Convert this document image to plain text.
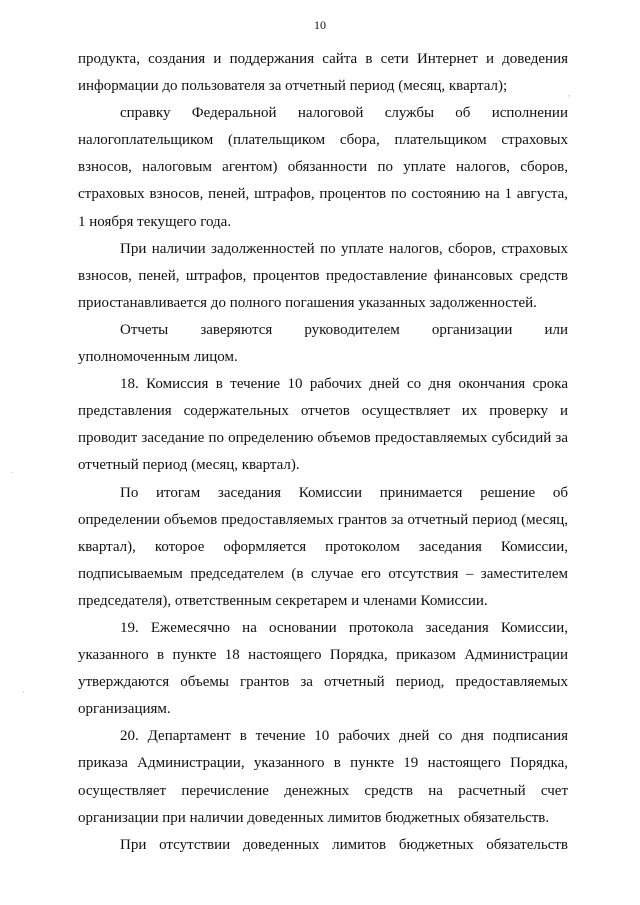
10

продукта, создания и поддержания сайта в сети Интернет и доведения информации до пользователя за отчетный период (месяц, квартал);

справку Федеральной налоговой службы об исполнении налогоплательщиком (плательщиком сбора, плательщиком страховых взносов, налоговым агентом) обязанности по уплате налогов, сборов, страховых взносов, пеней, штрафов, процентов по состоянию на 1 августа, 1 ноября текущего года.

При наличии задолженностей по уплате налогов, сборов, страховых взносов, пеней, штрафов, процентов предоставление финансовых средств приостанавливается до полного погашения указанных задолженностей.

Отчеты заверяются руководителем организации или уполномоченным лицом.

18. Комиссия в течение 10 рабочих дней со дня окончания срока представления содержательных отчетов осуществляет их проверку и проводит заседание по определению объемов предоставляемых субсидий за отчетный период (месяц, квартал).

По итогам заседания Комиссии принимается решение об определении объемов предоставляемых грантов за отчетный период (месяц, квартал), которое оформляется протоколом заседания Комиссии, подписываемым председателем (в случае его отсутствия – заместителем председателя), ответственным секретарем и членами Комиссии.

19. Ежемесячно на основании протокола заседания Комиссии, указанного в пункте 18 настоящего Порядка, приказом Администрации утверждаются объемы грантов за отчетный период, предоставляемых организациям.

20. Департамент в течение 10 рабочих дней со дня подписания приказа Администрации, указанного в пункте 19 настоящего Порядка, осуществляет перечисление денежных средств на расчетный счет организации при наличии доведенных лимитов бюджетных обязательств.

При отсутствии доведенных лимитов бюджетных обязательств

,
·
·
